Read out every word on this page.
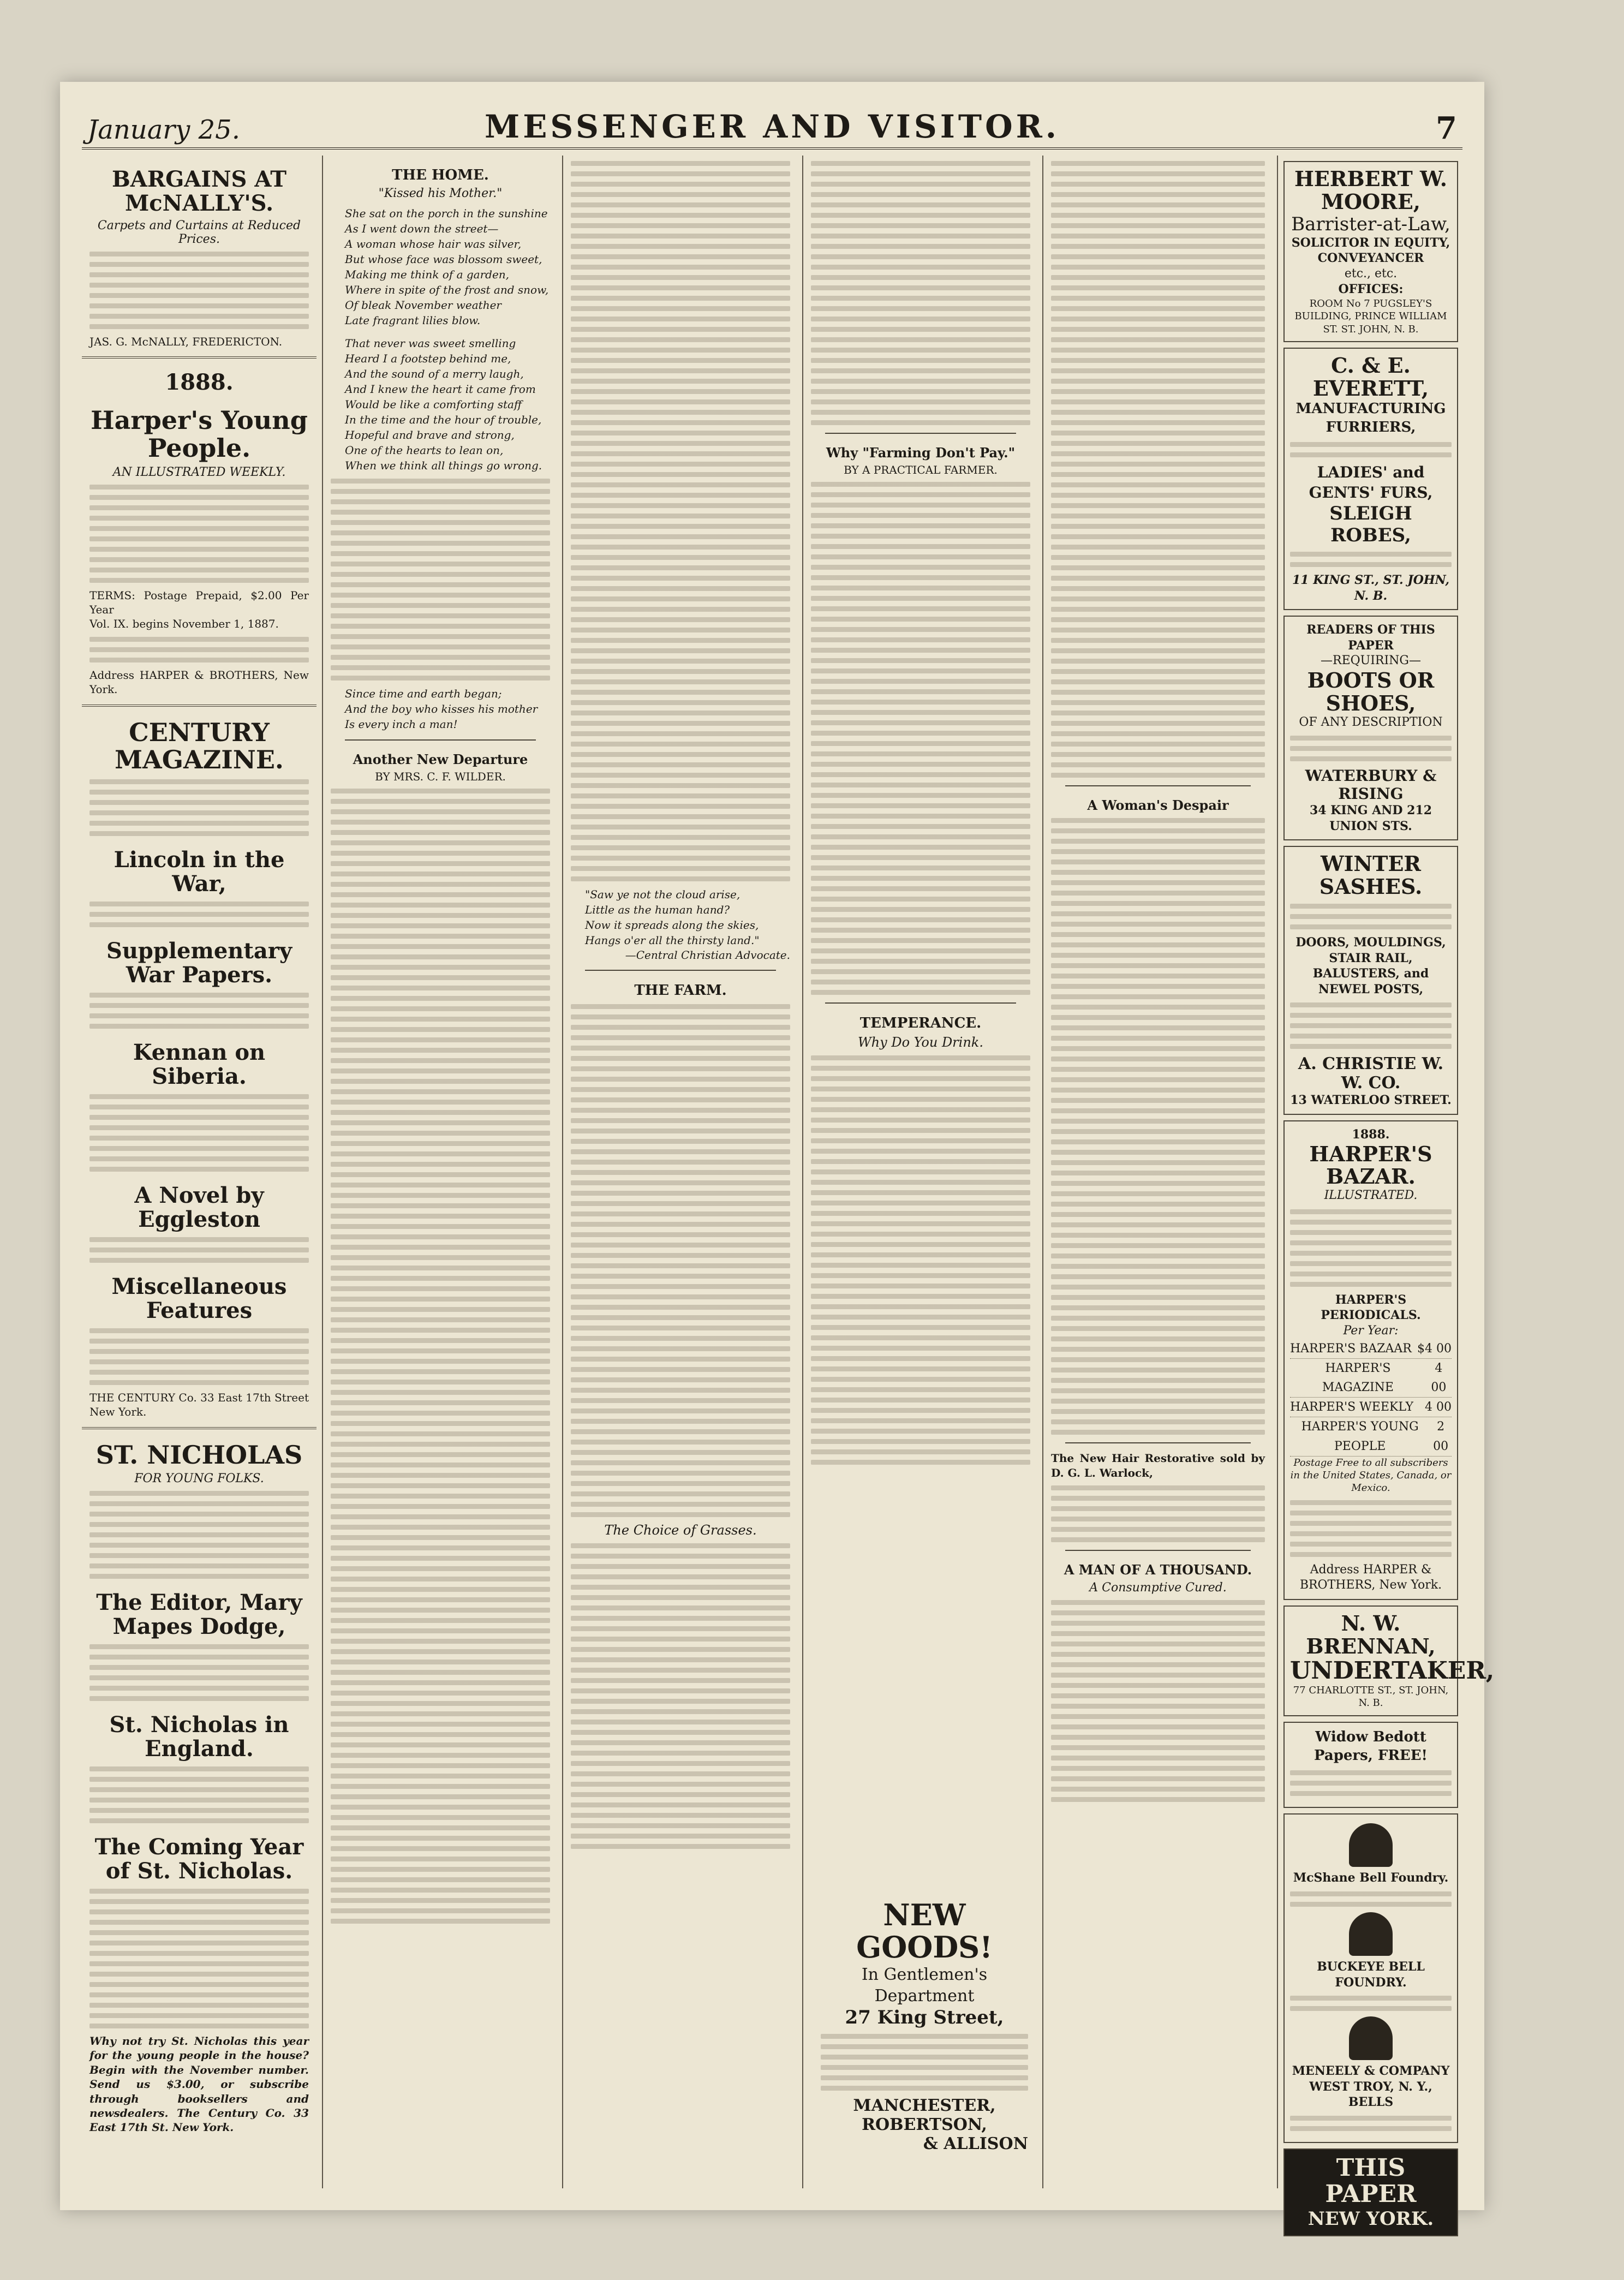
January 25.	MESSENGER AND VISITOR.	7
BARGAINS AT McNALLY'S.
Carpets and Curtains at Reduced Prices.
JAS. G. McNALLY, FREDERICTON.
1888.
Harper's Young People.
AN ILLUSTRATED WEEKLY.
TERMS: Postage Prepaid, $2.00 Per Year
Vol. IX. begins November 1, 1887.
Address HARPER & BROTHERS, New York.
CENTURY MAGAZINE.
Lincoln in the War,
Supplementary War Papers.
Kennan on Siberia.
A Novel by Eggleston
Miscellaneous Features
THE CENTURY Co. 33 East 17th Street New York.
ST. NICHOLAS
FOR YOUNG FOLKS.
The Editor, Mary Mapes Dodge,
St. Nicholas in England.
The Coming Year of St. Nicholas.
Why not try St. Nicholas this year for the young people in the house? Begin with the November number. Send us $3.00, or subscribe through booksellers and newsdealers. The Century Co. 33 East 17th St. New York.
THE HOME.
"Kissed his Mother."
She sat on the porch in the sunshine
As I went down the street—
A woman whose hair was silver,
But whose face was blossom sweet,
Making me think of a garden,
Where in spite of the frost and snow,
Of bleak November weather
Late fragrant lilies blow.
That never was sweet smelling
Heard I a footstep behind me,
And the sound of a merry laugh,
And I knew the heart it came from
Would be like a comforting staff
In the time and the hour of trouble,
Hopeful and brave and strong,
One of the hearts to lean on,
When we think all things go wrong.
Since time and earth began;
And the boy who kisses his mother
Is every inch a man!
Another New Departure
BY MRS. C. F. WILDER.
"Saw ye not the cloud arise,
Little as the human hand?
Now it spreads along the skies,
Hangs o'er all the thirsty land."
—Central Christian Advocate.
THE FARM.
The Choice of Grasses.
Why "Farming Don't Pay."
BY A PRACTICAL FARMER.
TEMPERANCE.
Why Do You Drink.
A Woman's Despair
The New Hair Restorative sold by D. G. L. Warlock,
A MAN OF A THOUSAND.
A Consumptive Cured.
HERBERT W. MOORE,
Barrister-at-Law,
SOLICITOR IN EQUITY, CONVEYANCER
etc., etc.
OFFICES:
ROOM No 7 PUGSLEY'S BUILDING, PRINCE WILLIAM ST. ST. JOHN, N. B.
C. & E. EVERETT,
MANUFACTURING FURRIERS,
LADIES' and GENTS' FURS,
SLEIGH ROBES,
11 KING ST., ST. JOHN, N. B.
READERS OF THIS PAPER
—REQUIRING—
BOOTS OR SHOES,
OF ANY DESCRIPTION
WATERBURY & RISING
34 KING AND 212 UNION STS.
WINTER SASHES.
DOORS, MOULDINGS, STAIR RAIL, BALUSTERS, and NEWEL POSTS,
A. CHRISTIE W. W. CO.
13 WATERLOO STREET.
1888.
HARPER'S BAZAR.
ILLUSTRATED.
HARPER'S PERIODICALS.
Per Year:
HARPER'S BAZAAR $4 00
HARPER'S MAGAZINE
4 00
HARPER'S WEEKLY 4 00
HARPER'S YOUNG PEOPLE
2 00
Postage Free to all subscribers in the United States, Canada, or Mexico.
Address HARPER & BROTHERS, New York.
N. W. BRENNAN,
UNDERTAKER,
77 CHARLOTTE ST., ST. JOHN, N. B.
Widow Bedott Papers, FREE!
McShane Bell Foundry.
BUCKEYE BELL FOUNDRY.
MENEELY & COMPANY WEST TROY, N. Y., BELLS
THIS PAPER
NEW YORK.
NEW GOODS!
In Gentlemen's Department
27 King Street,
MANCHESTER,
ROBERTSON,
& ALLISON
